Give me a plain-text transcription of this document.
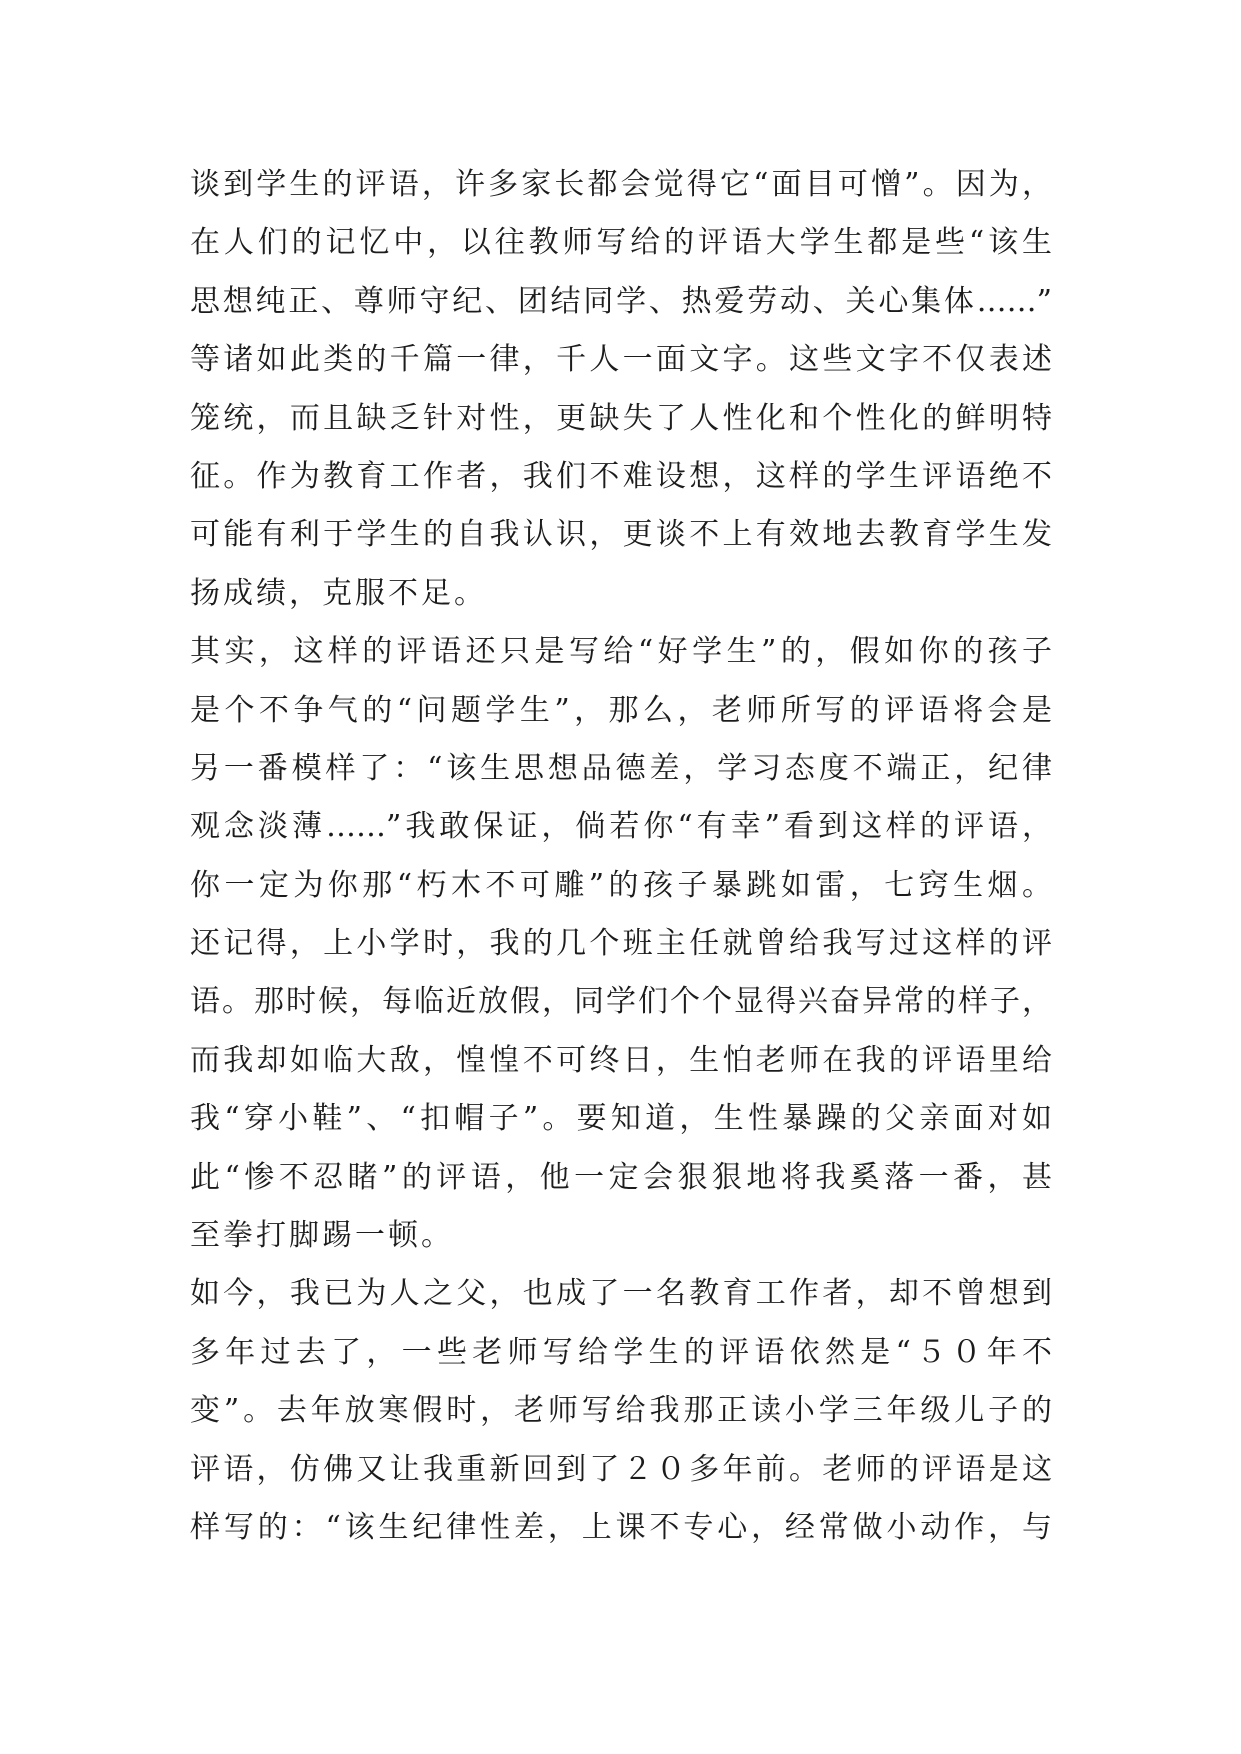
谈到学生的评语，许多家长都会觉得它“面目可憎”。因为，
在人们的记忆中，以往教师写给的评语大学生都是些“该生
思想纯正、尊师守纪、团结同学、热爱劳动、关心集体……”
等诸如此类的千篇一律，千人一面文字。这些文字不仅表述
笼统，而且缺乏针对性，更缺失了人性化和个性化的鲜明特
征。作为教育工作者，我们不难设想，这样的学生评语绝不
可能有利于学生的自我认识，更谈不上有效地去教育学生发
扬成绩，克服不足。
其实，这样的评语还只是写给“好学生”的，假如你的孩子
是个不争气的“问题学生”，那么，老师所写的评语将会是
另一番模样了：“该生思想品德差，学习态度不端正，纪律
观念淡薄……”我敢保证，倘若你“有幸”看到这样的评语，
你一定为你那“朽木不可雕”的孩子暴跳如雷，七窍生烟。
还记得，上小学时，我的几个班主任就曾给我写过这样的评
语。那时候，每临近放假，同学们个个显得兴奋异常的样子，
而我却如临大敌，惶惶不可终日，生怕老师在我的评语里给
我“穿小鞋”、“扣帽子”。要知道，生性暴躁的父亲面对如
此“惨不忍睹”的评语，他一定会狠狠地将我奚落一番，甚
至拳打脚踢一顿。
如今，我已为人之父，也成了一名教育工作者，却不曾想到
多年过去了，一些老师写给学生的评语依然是“５０年不
变”。去年放寒假时，老师写给我那正读小学三年级儿子的
评语，仿佛又让我重新回到了２０多年前。老师的评语是这
样写的：“该生纪律性差，上课不专心，经常做小动作，与
